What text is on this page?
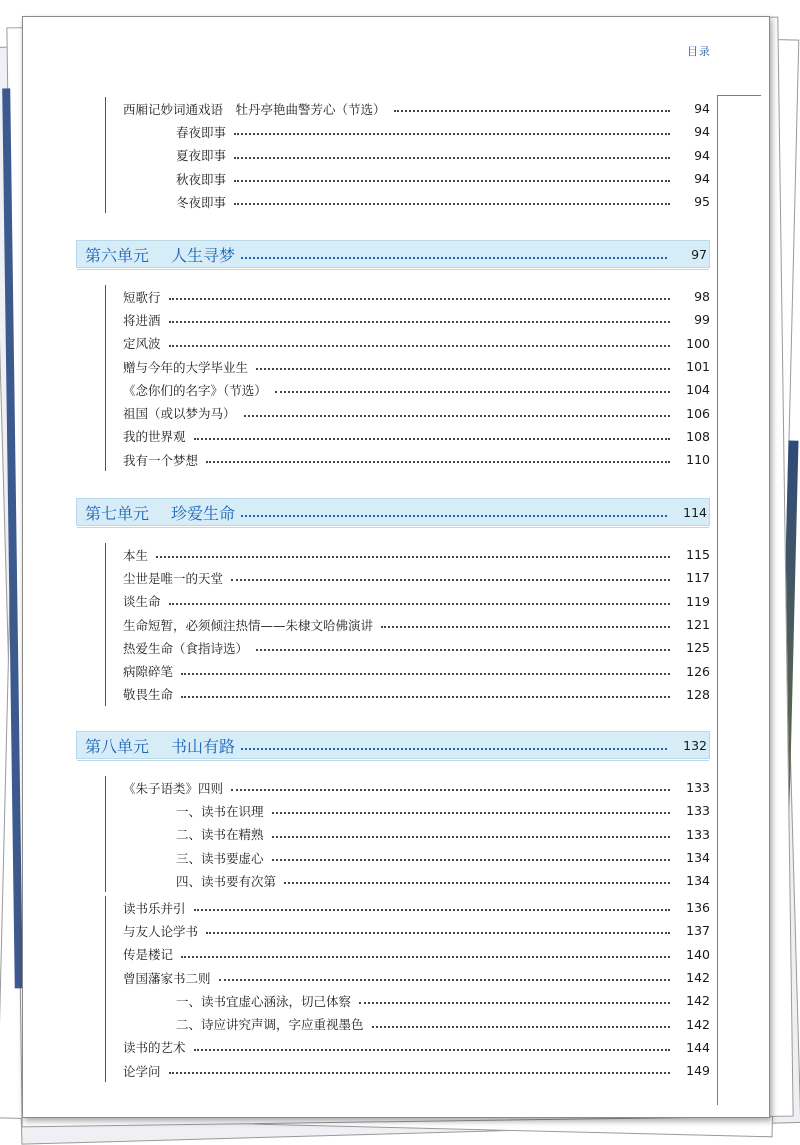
目录
西厢记妙词通戏语　牡丹亭艳曲警芳心（节选）	94
春夜即事	94
夏夜即事	94
秋夜即事	94
冬夜即事	95
第六单元 人生寻梦	97
短歌行	98
将进酒	99
定风波	100
赠与今年的大学毕业生	101
《念你们的名字》（节选）	104
祖国（或以梦为马）	106
我的世界观	108
我有一个梦想	110
第七单元 珍爱生命	114
本生	115
尘世是唯一的天堂	117
谈生命	119
生命短暂，必须倾注热情——朱棣文哈佛演讲	121
热爱生命（食指诗选）	125
病隙碎笔	126
敬畏生命	128
第八单元 书山有路	132
《朱子语类》四则	133
一、读书在识理	133
二、读书在精熟	133
三、读书要虚心	134
四、读书要有次第	134
读书乐并引	136
与友人论学书	137
传是楼记	140
曾国藩家书二则	142
一、读书宜虚心涵泳，切己体察	142
二、诗应讲究声调，字应重视墨色	142
读书的艺术	144
论学问	149
